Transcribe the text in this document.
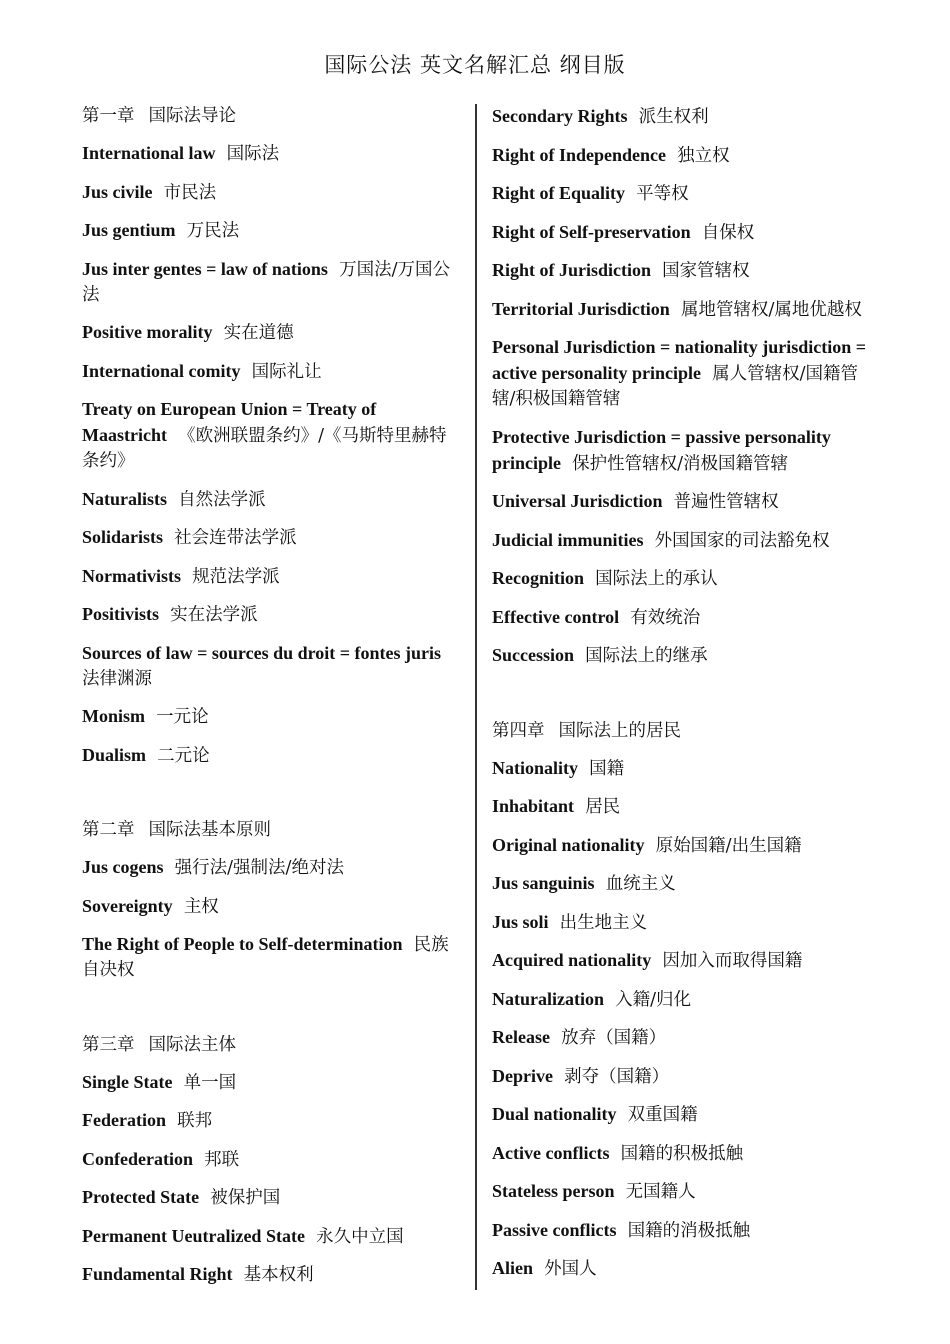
国际公法 英文名解汇总 纲目版
第一章 国际法导论
International law 国际法
Jus civile 市民法
Jus gentium 万民法
Jus inter gentes = law of nations 万国法/万国公法
Positive morality 实在道德
International comity 国际礼让
Treaty on European Union = Treaty of Maastricht 《欧洲联盟条约》/《马斯特里赫特条约》
Naturalists 自然法学派
Solidarists 社会连带法学派
Normativists 规范法学派
Positivists 实在法学派
Sources of law = sources du droit = fontes juris  法律渊源
Monism 一元论
Dualism 二元论
第二章 国际法基本原则
Jus cogens 强行法/强制法/绝对法
Sovereignty 主权
The Right of People to Self-determination 民族自决权
第三章 国际法主体
Single State 单一国
Federation 联邦
Confederation 邦联
Protected State 被保护国
Permanent Ueutralized State 永久中立国
Fundamental Right 基本权利
Secondary Rights 派生权利
Right of Independence 独立权
Right of Equality 平等权
Right of Self-preservation 自保权
Right of Jurisdiction 国家管辖权
Territorial Jurisdiction 属地管辖权/属地优越权
Personal Jurisdiction = nationality jurisdiction = active personality principle 属人管辖权/国籍管辖/积极国籍管辖
Protective Jurisdiction = passive personality principle 保护性管辖权/消极国籍管辖
Universal Jurisdiction 普遍性管辖权
Judicial immunities 外国国家的司法豁免权
Recognition 国际法上的承认
Effective control 有效统治
Succession 国际法上的继承
第四章 国际法上的居民
Nationality 国籍
Inhabitant 居民
Original nationality 原始国籍/出生国籍
Jus sanguinis 血统主义
Jus soli 出生地主义
Acquired nationality 因加入而取得国籍
Naturalization 入籍/归化
Release 放弃（国籍）
Deprive 剥夺（国籍）
Dual nationality 双重国籍
Active conflicts 国籍的积极抵触
Stateless person 无国籍人
Passive conflicts 国籍的消极抵触
Alien 外国人
